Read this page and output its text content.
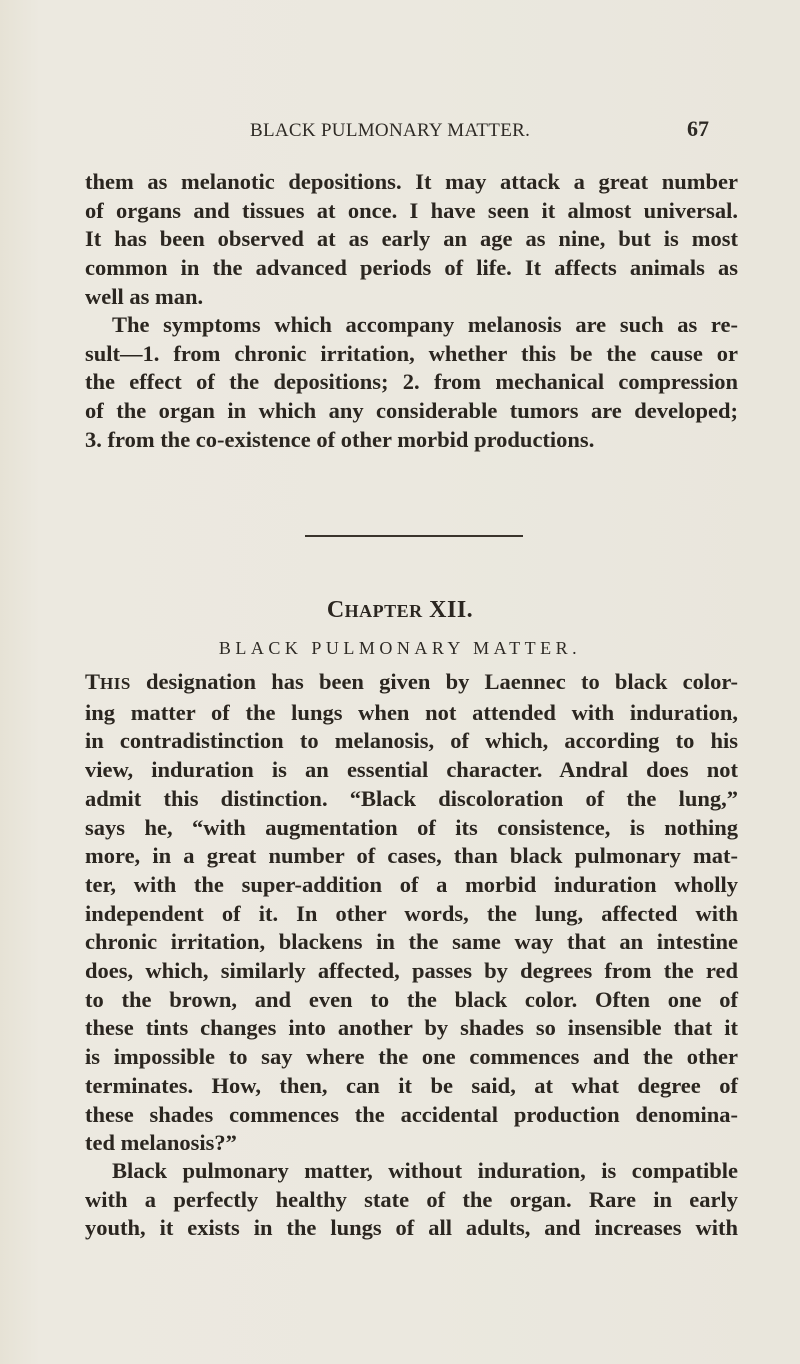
BLACK PULMONARY MATTER.	67
them as melanotic depositions. It may attack a great number
of organs and tissues at once. I have seen it almost universal.
It has been observed at as early an age as nine, but is most
common in the advanced periods of life. It affects animals as
well as man.
The symptoms which accompany melanosis are such as re-
sult—1. from chronic irritation, whether this be the cause or
the effect of the depositions; 2. from mechanical compression
of the organ in which any considerable tumors are developed;
3. from the co-existence of other morbid productions.
CHAPTER XII.
BLACK PULMONARY MATTER.
THIS designation has been given by Laennec to black color-
ing matter of the lungs when not attended with induration,
in contradistinction to melanosis, of which, according to his
view, induration is an essential character. Andral does not
admit this distinction. “Black discoloration of the lung,”
says he, “with augmentation of its consistence, is nothing
more, in a great number of cases, than black pulmonary mat-
ter, with the super-addition of a morbid induration wholly
independent of it. In other words, the lung, affected with
chronic irritation, blackens in the same way that an intestine
does, which, similarly affected, passes by degrees from the red
to the brown, and even to the black color. Often one of
these tints changes into another by shades so insensible that it
is impossible to say where the one commences and the other
terminates. How, then, can it be said, at what degree of
these shades commences the accidental production denomina-
ted melanosis?”
Black pulmonary matter, without induration, is compatible
with a perfectly healthy state of the organ. Rare in early
youth, it exists in the lungs of all adults, and increases with
